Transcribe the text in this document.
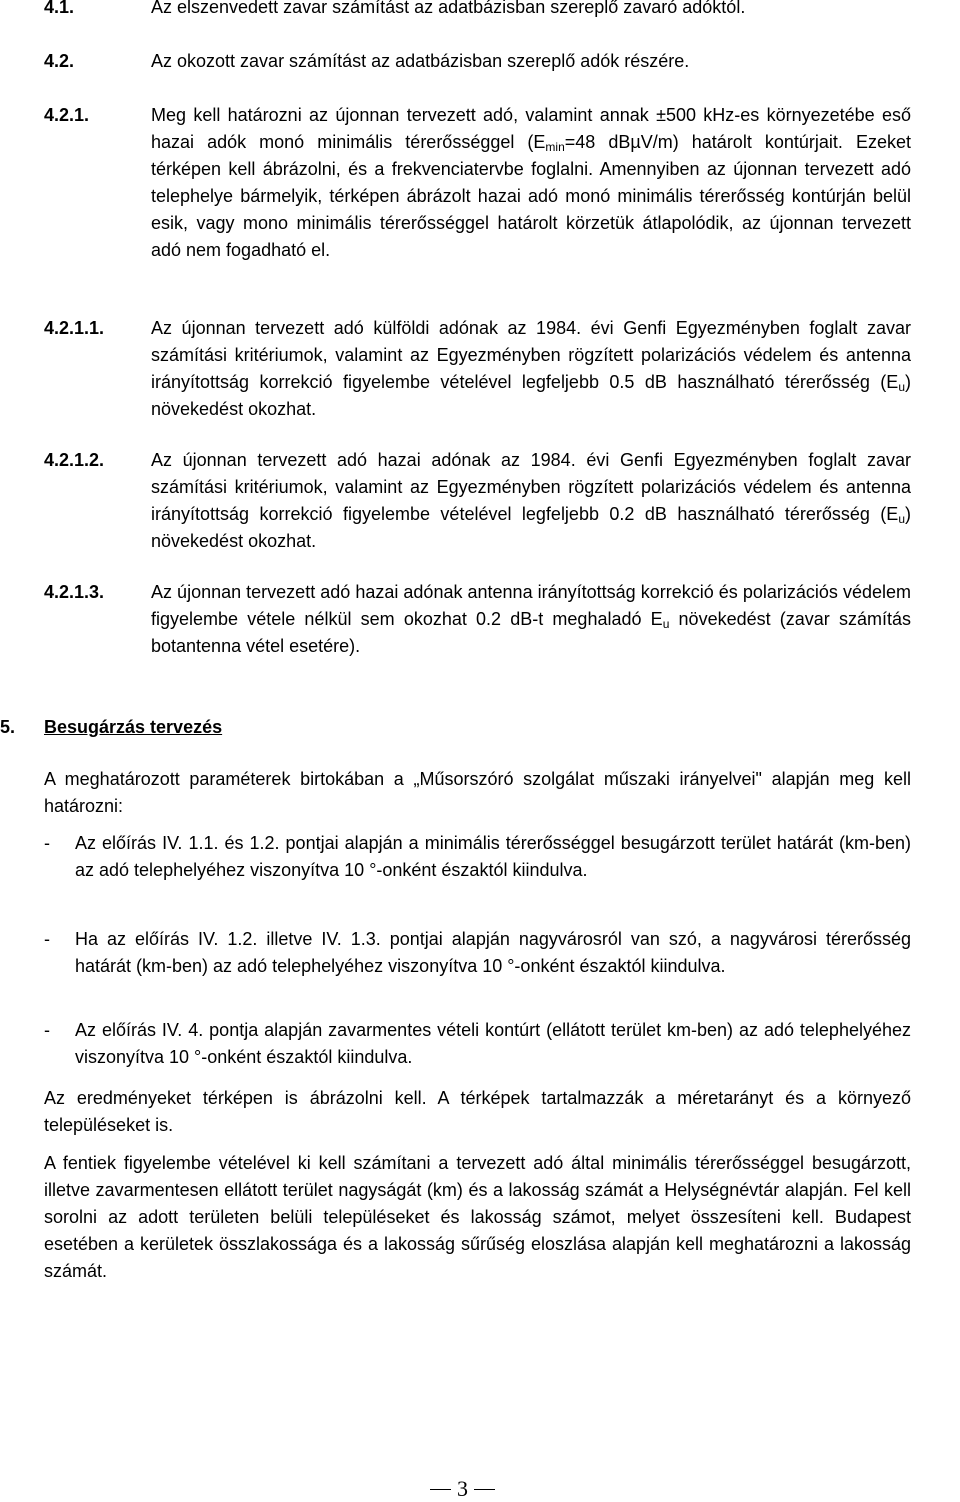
4.1.	Az elszenvedett zavar számítást az adatbázisban szereplő zavaró adóktól.
4.2.	Az okozott zavar számítást az adatbázisban szereplő adók részére.
4.2.1.	Meg kell határozni az újonnan tervezett adó, valamint annak ±500 kHz-es környezetébe eső hazai adók monó minimális térerősséggel ($E_{min}=48$ dBµV/m) határolt kontúrjait. Ezeket térképen kell ábrázolni, és a frekvenciatervbe foglalni. Amennyiben az újonnan tervezett adó telephelye bármelyik, térképen ábrázolt hazai adó monó minimális térerősség kontúrján belül esik, vagy mono minimális térerősséggel határolt körzetük átlapolódik, az újonnan tervezett adó nem fogadható el.
4.2.1.1.	Az újonnan tervezett adó külföldi adónak az 1984. évi Genfi Egyezményben foglalt zavar számítási kritériumok, valamint az Egyezményben rögzített polarizációs védelem és antenna irányítottság korrekció figyelembe vételével legfeljebb 0.5 dB használható térerősség $(E_u)$ növekedést okozhat.
4.2.1.2.	Az újonnan tervezett adó hazai adónak az 1984. évi Genfi Egyezményben foglalt zavar számítási kritériumok, valamint az Egyezményben rögzített polarizációs védelem és antenna irányítottság korrekció figyelembe vételével legfeljebb 0.2 dB használható térerősség $(E_u)$ növekedést okozhat.
4.2.1.3.	Az újonnan tervezett adó hazai adónak antenna irányítottság korrekció és polarizációs védelem figyelembe vétele nélkül sem okozhat 0.2 dB-t meghaladó $E_u$ növekedést (zavar számítás botantenna vétel esetére).
5. Besugárzás tervezés
A meghatározott paraméterek birtokában a „Műsorszóró szolgálat műszaki irányelvei" alapján meg kell határozni:
- Az előírás IV. 1.1. és 1.2. pontjai alapján a minimális térerősséggel besugárzott terület határát (km-ben) az adó telephelyéhez viszonyítva 10 °-onként északtól kiindulva.
- Ha az előírás IV. 1.2. illetve IV. 1.3. pontjai alapján nagyvárosról van szó, a nagyvárosi térerősség határát (km-ben) az adó telephelyéhez viszonyítva 10 °-onként északtól kiindulva.
- Az előírás IV. 4. pontja alapján zavarmentes vételi kontúrt (ellátott terület km-ben) az adó telephelyéhez viszonyítva 10 °-onként északtól kiindulva.
Az eredményeket térképen is ábrázolni kell. A térképek tartalmazzák a méretarányt és a környező településeket is.
A fentiek figyelembe vételével ki kell számítani a tervezett adó által minimális térerősséggel besugárzott, illetve zavarmentesen ellátott terület nagyságát (km) és a lakosság számát a Helységnévtár alapján. Fel kell sorolni az adott területen belüli településeket és lakosság számot, melyet összesíteni kell. Budapest esetében a kerületek összlakossága és a lakosság sűrűség eloszlása alapján kell meghatározni a lakosság számát.
3
